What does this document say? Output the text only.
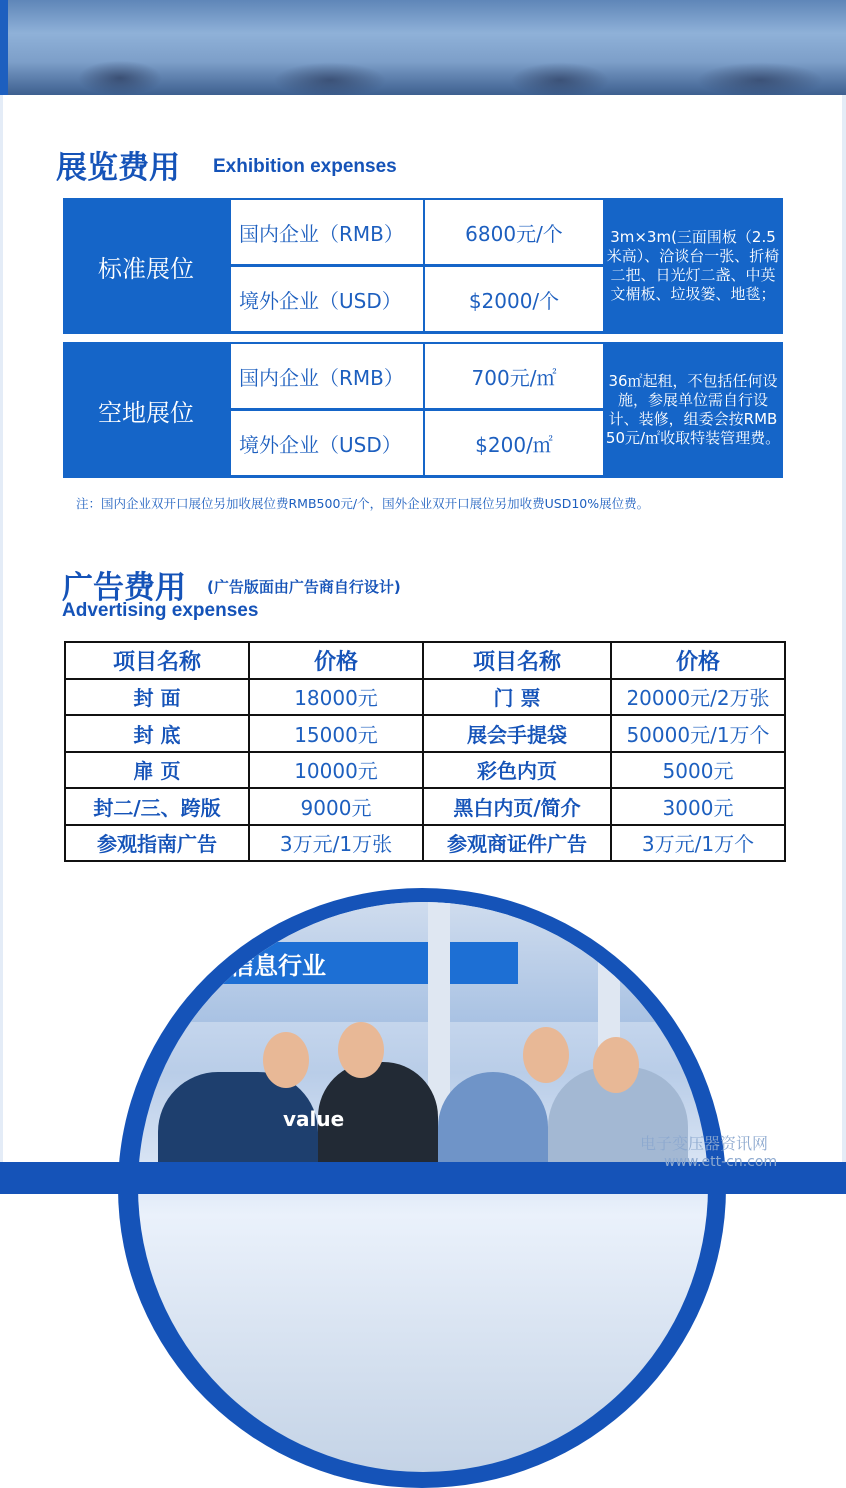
展览费用 Exhibition expenses
标准展位
国内企业（RMB）	6800元/个
境外企业（USD）	$2000/个
3m×3m(三面围板（2.5米高）、洽谈台一张、折椅二把、日光灯二盏、中英文楣板、垃圾篓、地毯；
空地展位
国内企业（RMB）	700元/㎡
境外企业（USD）	$200/㎡
36㎡起租，不包括任何设施，参展单位需自行设计、装修，组委会按RMB 50元/㎡收取特装管理费。
注：国内企业双开口展位另加收展位费RMB500元/个，国外企业双开口展位另加收费USD10%展位费。
广告费用 (广告版面由广告商自行设计)
Advertising expenses
项目名称	价格	项目名称	价格
封 面	18000元	门 票	20000元/2万张
封 底	15000元	展会手提袋	50000元/1万个
扉 页	10000元	彩色内页	5000元
封二/三、跨版	9000元	黑白内页/简介	3000元
参观指南广告	3万元/1万张	参观商证件广告	3万元/1万个
信息行业
value
电子变压器资讯网
www.ett-cn.com
